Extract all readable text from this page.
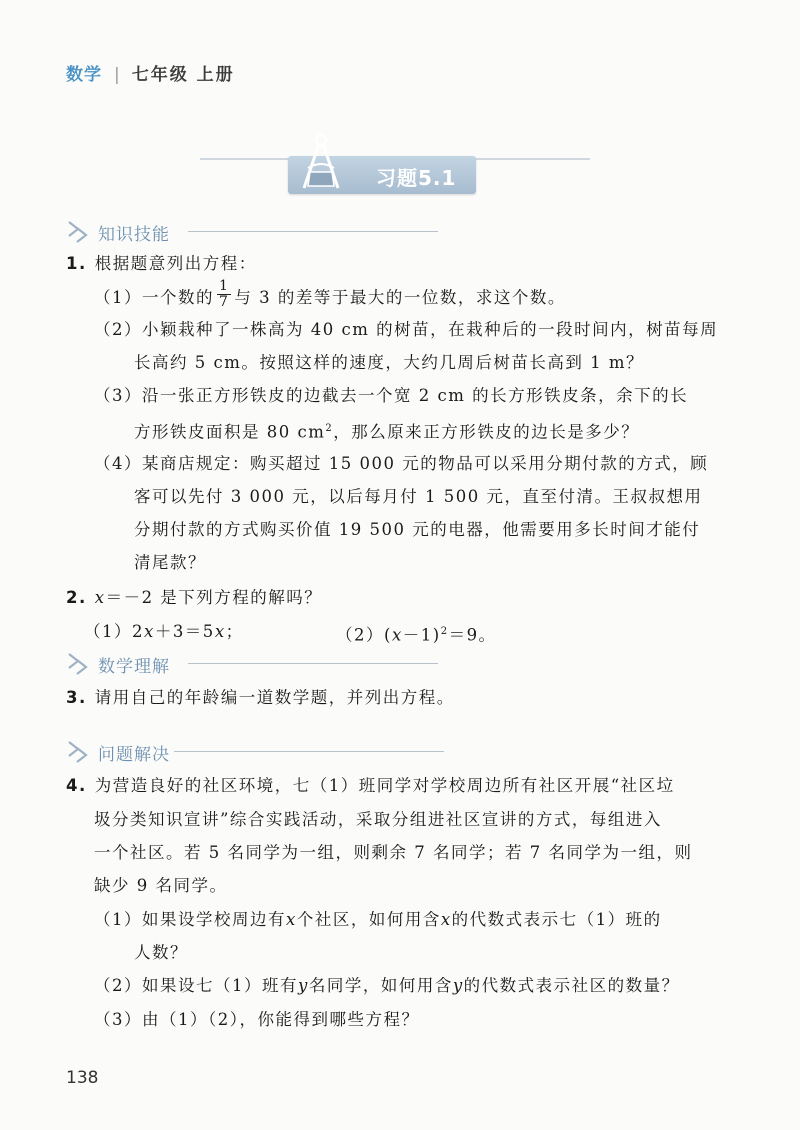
数学 | 七年级 上册
习题5.1
知识技能
1. 根据题意列出方程：
（1）一个数的 $\frac{1}{7}$ 与 3 的差等于最大的一位数，求这个数。
（2）小颖栽种了一株高为 40 cm 的树苗，在栽种后的一段时间内，树苗每周
长高约 5 cm。按照这样的速度，大约几周后树苗长高到 1 m？
（3）沿一张正方形铁皮的边截去一个宽 2 cm 的长方形铁皮条，余下的长
方形铁皮面积是 80 $cm^2$，那么原来正方形铁皮的边长是多少？
（4）某商店规定：购买超过 15 000 元的物品可以采用分期付款的方式，顾
客可以先付 3 000 元，以后每月付 1 500 元，直至付清。王叔叔想用
分期付款的方式购买价值 19 500 元的电器，他需要用多长时间才能付
清尾款？
2. x＝－2 是下列方程的解吗？
（1）2x＋3＝5x；	$(2)(x-1)^2=9$。
数学理解
3. 请用自己的年龄编一道数学题，并列出方程。
问题解决
4. 为营造良好的社区环境，七（1）班同学对学校周边所有社区开展“社区垃
圾分类知识宣讲”综合实践活动，采取分组进社区宣讲的方式，每组进入
一个社区。若 5 名同学为一组，则剩余 7 名同学；若 7 名同学为一组，则
缺少 9 名同学。
（1）如果设学校周边有x个社区，如何用含x的代数式表示七（1）班的
人数？
（2）如果设七（1）班有y名同学，如何用含y的代数式表示社区的数量？
（3）由（1）（2），你能得到哪些方程？
138
